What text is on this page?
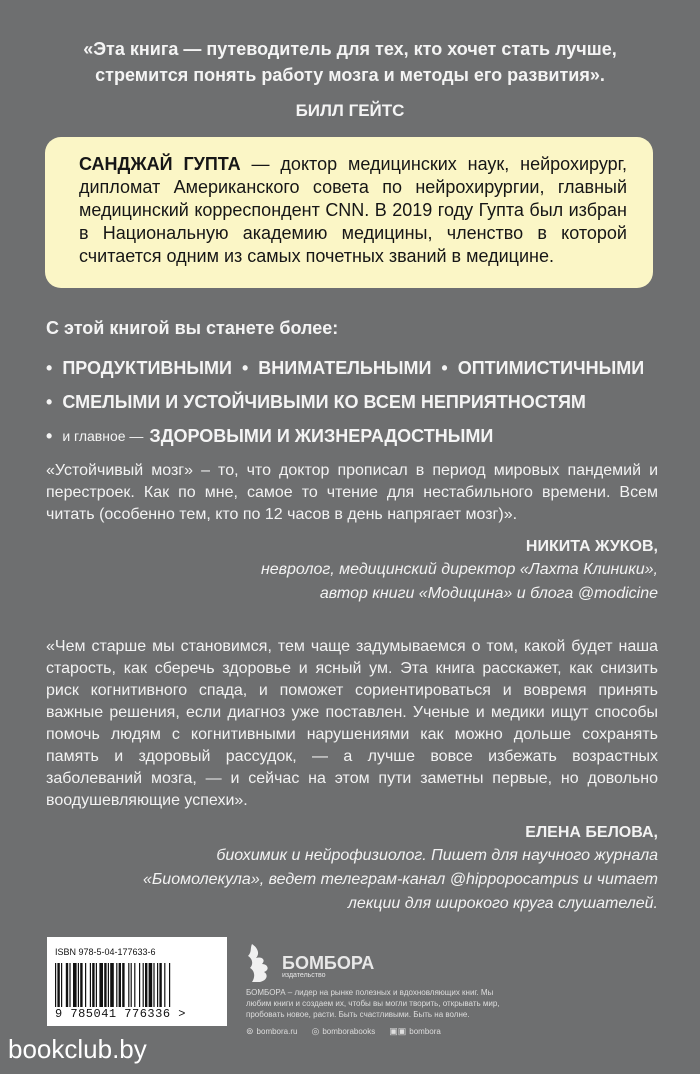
«Эта книга — путеводитель для тех, кто хочет стать лучше,
стремится понять работу мозга и методы его развития».
БИЛЛ ГЕЙТС
САНДЖАЙ ГУПТА — доктор медицинских наук, нейрохирург, дипломат Американского совета по нейрохирургии, главный медицинский корреспондент CNN. В 2019 году Гупта был избран в Национальную академию медицины, членство в которой считается одним из самых почетных званий в медицине.
С этой книгой вы станете более:
• ПРОДУКТИВНЫМИ • ВНИМАТЕЛЬНЫМИ • ОПТИМИСТИЧНЫМИ
• СМЕЛЫМИ И УСТОЙЧИВЫМИ КО ВСЕМ НЕПРИЯТНОСТЯМ
• и главное — ЗДОРОВЫМИ И ЖИЗНЕРАДОСТНЫМИ
«Устойчивый мозг» – то, что доктор прописал в период мировых пандемий и перестроек. Как по мне, самое то чтение для нестабильного времени. Всем читать (особенно тем, кто по 12 часов в день напрягает мозг)».
НИКИТА ЖУКОВ,
невролог, медицинский директор «Лахта Клиники»,
автор книги «Модицина» и блога @modicine
«Чем старше мы становимся, тем чаще задумываемся о том, какой будет наша старость, как сберечь здоровье и ясный ум. Эта книга расскажет, как снизить риск когнитивного спада, и поможет сориентироваться и вовремя принять важные решения, если диагноз уже поставлен. Ученые и медики ищут способы помочь людям с когнитивными нарушениями как можно дольше сохранять память и здоровый рассудок, — а лучше вовсе избежать возрастных заболеваний мозга, — и сейчас на этом пути заметны первые, но довольно воодушевляющие успехи».
ЕЛЕНА БЕЛОВА,
биохимик и нейрофизиолог. Пишет для научного журнала
«Биомолекула», ведет телеграм-канал @hippopocampus и читает
лекции для широкого круга слушателей.
ISBN 978-5-04-177633-6
9 785041 776336 >
БОМБОРА
издательство
БОМБОРА – лидер на рынке полезных и вдохновляющих книг. Мы любим книги и создаем их, чтобы вы могли творить, открывать мир, пробовать новое, расти. Быть счастливыми. Быть на волне.
⊚ bombora.ru ◎ bomborabooks ▣▣ bombora
bookclub.by
